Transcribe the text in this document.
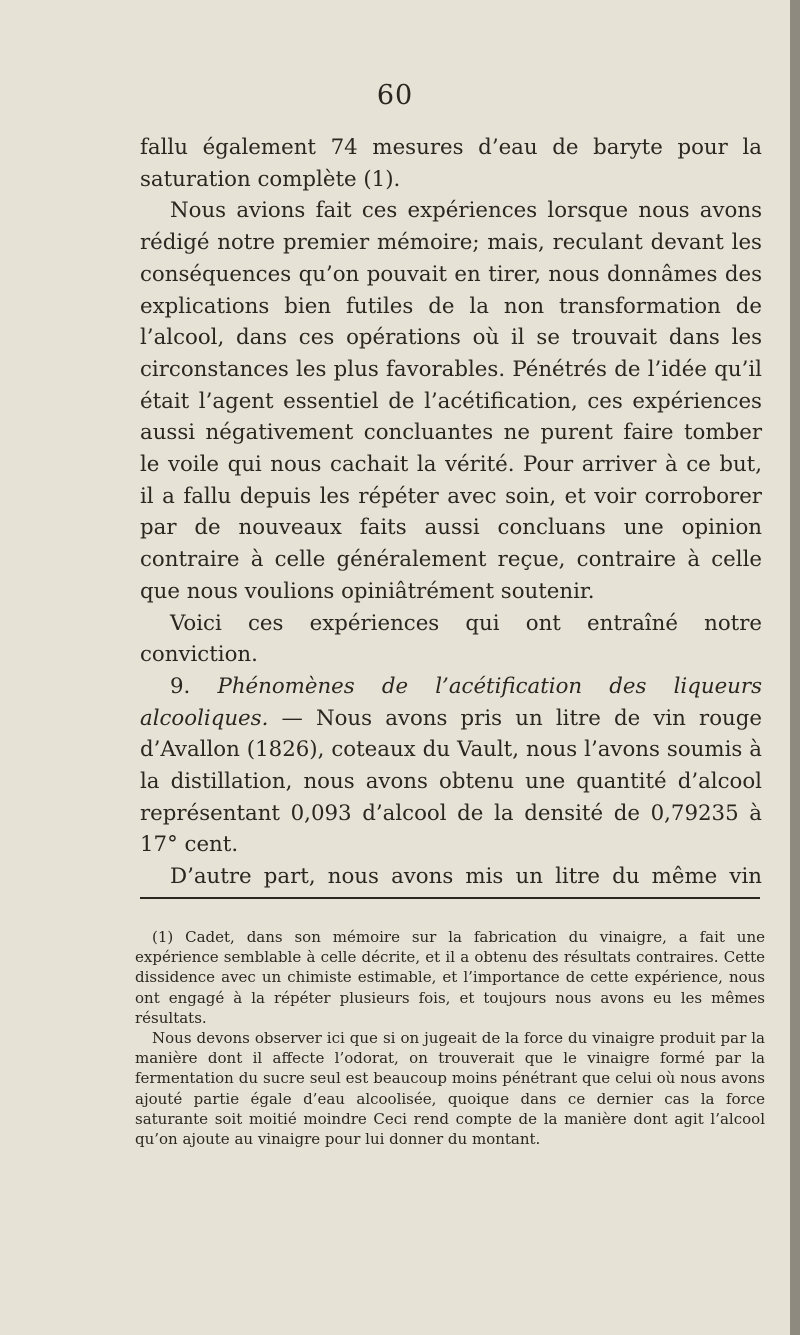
60

fallu également 74 mesures d’eau de baryte pour la saturation complète (1).

Nous avions fait ces expériences lorsque nous avons rédigé notre premier mémoire; mais, reculant devant les conséquences qu’on pouvait en tirer, nous donnâmes des explications bien futiles de la non transformation de l’alcool, dans ces opérations où il se trouvait dans les circonstances les plus favorables. Pénétrés de l’idée qu’il était l’agent essentiel de l’acétification, ces expériences aussi négativement concluantes ne purent faire tomber le voile qui nous cachait la vérité. Pour arriver à ce but, il a fallu depuis les répéter avec soin, et voir corroborer par de nouveaux faits aussi concluans une opinion contraire à celle généralement reçue, contraire à celle que nous voulions opiniâtrément soutenir.

Voici ces expériences qui ont entraîné notre conviction.

9. Phénomènes de l’acétification des liqueurs alcooliques. — Nous avons pris un litre de vin rouge d’Avallon (1826), coteaux du Vault, nous l’avons soumis à la distillation, nous avons obtenu une quantité d’alcool représentant 0,093 d’alcool de la densité de 0,79235 à 17° cent.

D’autre part, nous avons mis un litre du même vin

(1) Cadet, dans son mémoire sur la fabrication du vinaigre, a fait une expérience semblable à celle décrite, et il a obtenu des résultats contraires. Cette dissidence avec un chimiste estimable, et l’importance de cette expérience, nous ont engagé à la répéter plusieurs fois, et toujours nous avons eu les mêmes résultats.

Nous devons observer ici que si on jugeait de la force du vinaigre produit par la manière dont il affecte l’odorat, on trouverait que le vinaigre formé par la fermentation du sucre seul est beaucoup moins pénétrant que celui où nous avons ajouté partie égale d’eau alcoolisée, quoique dans ce dernier cas la force saturante soit moitié moindre Ceci rend compte de la manière dont agit l’alcool qu’on ajoute au vinaigre pour lui donner du montant.
